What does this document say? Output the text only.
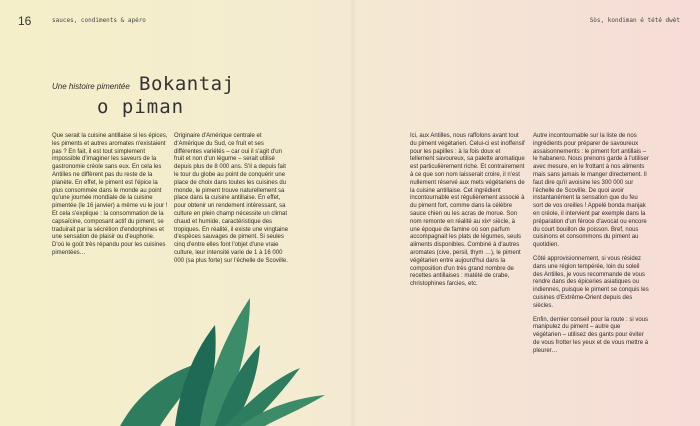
16	sauces, condiments & apéro	Sòs, kondiman é tété dwèt
Une histoire pimentée Bokantaj
o piman

Que serait la cuisine antillaise si les épices, les piments et autres aromates n'existaient pas ? En fait, il est tout simplement impossible d'imaginer les saveurs de la gastronomie créole sans eux. En cela les Antilles ne diffèrent pas du reste de la planète. En effet, le piment est l'épice la plus consommée dans le monde au point qu'une journée mondiale de la cuisine pimentée (le 16 janvier) a même vu le jour ! Et cela s'explique : la consommation de la capsaïcine, composant actif du piment, se traduirait par la sécrétion d'endorphines et une sensation de plaisir ou d'euphorie. D'où le goût très répandu pour les cuisines pimentées…

Originaire d'Amérique centrale et d'Amérique du Sud, ce fruit et ses différentes variétés – car oui il s'agit d'un fruit et non d'un légume – serait utilisé depuis plus de 8 000 ans. S'il a depuis fait le tour du globe au point de conquérir une place de choix dans toutes les cuisines du monde, le piment trouve naturellement sa place dans la cuisine antillaise. En effet, pour obtenir un rendement intéressant, sa culture en plein champ nécessite un climat chaud et humide, caractéristique des tropiques. En réalité, il existe une vingtaine d'espèces sauvages de piment. Si seules cinq d'entre elles font l'objet d'une vraie culture, leur intensité varie de 1 à 16 000 000 (sa plus forte) sur l'échelle de Scoville.

Ici, aux Antilles, nous raffolons avant tout du piment végétarien. Celui-ci est inoffensif pour les papilles : à la fois doux et tellement savoureux, sa palette aromatique est particulièrement riche. Et contrairement à ce que son nom laisserait croire, il n'est nullement réservé aux mets végétariens de la cuisine antillaise. Cet ingrédient incontournable est régulièrement associé à du piment fort, comme dans la célèbre sauce chien ou les acras de morue. Son nom remonte en réalité au xixᵉ siècle, à une époque de famine où son parfum accompagnait les plats de légumes, seuls aliments disponibles. Combiné à d'autres aromates (cive, persil, thym …), le piment végétarien entre aujourd'hui dans la composition d'un très grand nombre de recettes antillaises : matété de crabe, christophines farcies, etc.

Autre incontournable sur la liste de nos ingrédients pour préparer de savoureux assaisonnements : le piment fort antillais – le habanero. Nous prenons garde à l'utiliser avec mesure, en le frottant à nos aliments mais sans jamais le manger directement. Il faut dire qu'il avoisine les 300 000 sur l'échelle de Scoville. De quoi avoir instantanément la sensation que du feu sort de vos oreilles ! Appelé bonda manjak en créole, il intervient par exemple dans la préparation d'un féroce d'avocat ou encore du court bouillon de poisson. Bref, nous cuisinons et consommons du piment au quotidien.

Côté approvisionnement, si vous résidez dans une région tempérée, loin du soleil des Antilles, je vous recommande de vous rendre dans des épiceries asiatiques ou indiennes, puisque le piment se conquis les cuisines d'Extrême-Orient depuis des siècles.

Enfin, dernier conseil pour la route : si vous manipulez du piment – autre que végétarien – utilisez des gants pour éviter de vous frotter les yeux et de vous mettre à pleurer…
